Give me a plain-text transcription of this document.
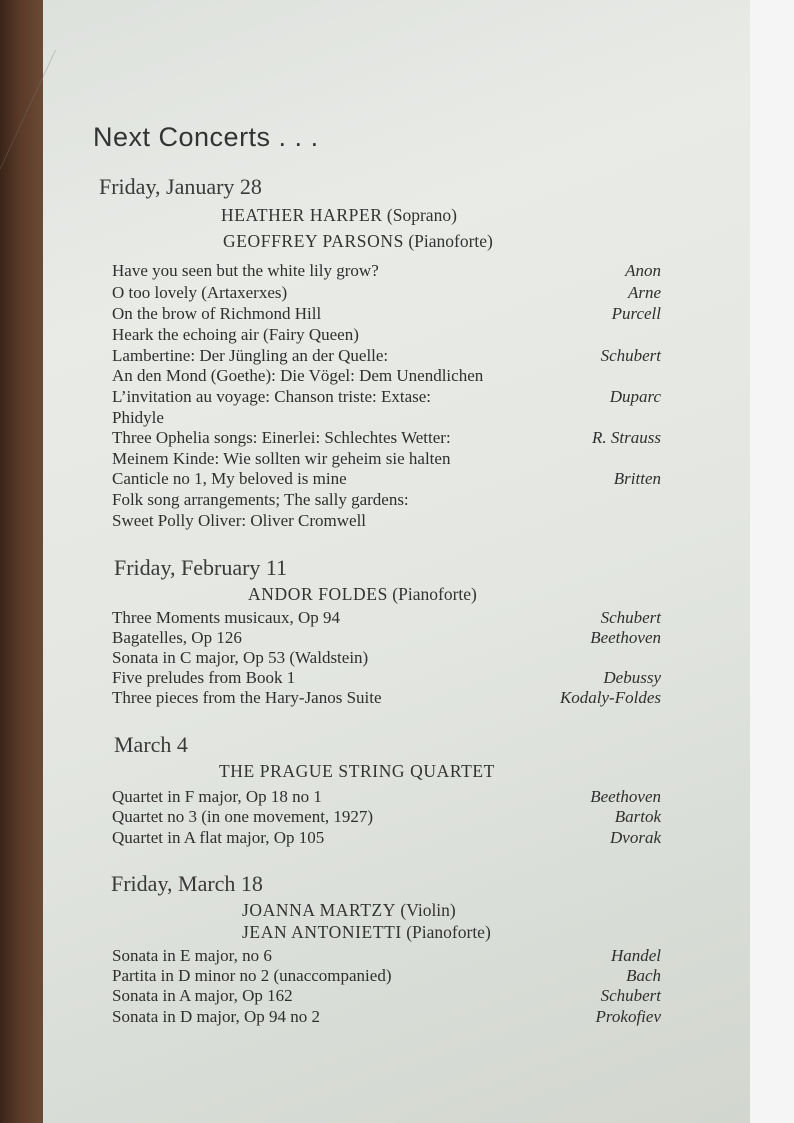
Next Concerts . . .
Friday, January 28
HEATHER HARPER (Soprano)
GEOFFREY PARSONS (Pianoforte)
Have you seen but the white lily grow?	Anon
O too lovely (Artaxerxes)	Arne
On the brow of Richmond Hill	Purcell
Heark the echoing air (Fairy Queen)
Lambertine: Der Jüngling an der Quelle:	Schubert
An den Mond (Goethe): Die Vögel: Dem Unendlichen
L’invitation au voyage: Chanson triste: Extase:	Duparc
Phidyle
Three Ophelia songs: Einerlei: Schlechtes Wetter:	R. Strauss
Meinem Kinde: Wie sollten wir geheim sie halten
Canticle no 1, My beloved is mine	Britten
Folk song arrangements; The sally gardens:
Sweet Polly Oliver: Oliver Cromwell
Friday, February 11
ANDOR FOLDES (Pianoforte)
Three Moments musicaux, Op 94	Schubert
Bagatelles, Op 126	Beethoven
Sonata in C major, Op 53 (Waldstein)
Five preludes from Book 1	Debussy
Three pieces from the Hary-Janos Suite	Kodaly-Foldes
March 4
THE PRAGUE STRING QUARTET
Quartet in F major, Op 18 no 1	Beethoven
Quartet no 3 (in one movement, 1927)	Bartok
Quartet in A flat major, Op 105	Dvorak
Friday, March 18
JOANNA MARTZY (Violin)
JEAN ANTONIETTI (Pianoforte)
Sonata in E major, no 6	Handel
Partita in D minor no 2 (unaccompanied)	Bach
Sonata in A major, Op 162	Schubert
Sonata in D major, Op 94 no 2	Prokofiev
